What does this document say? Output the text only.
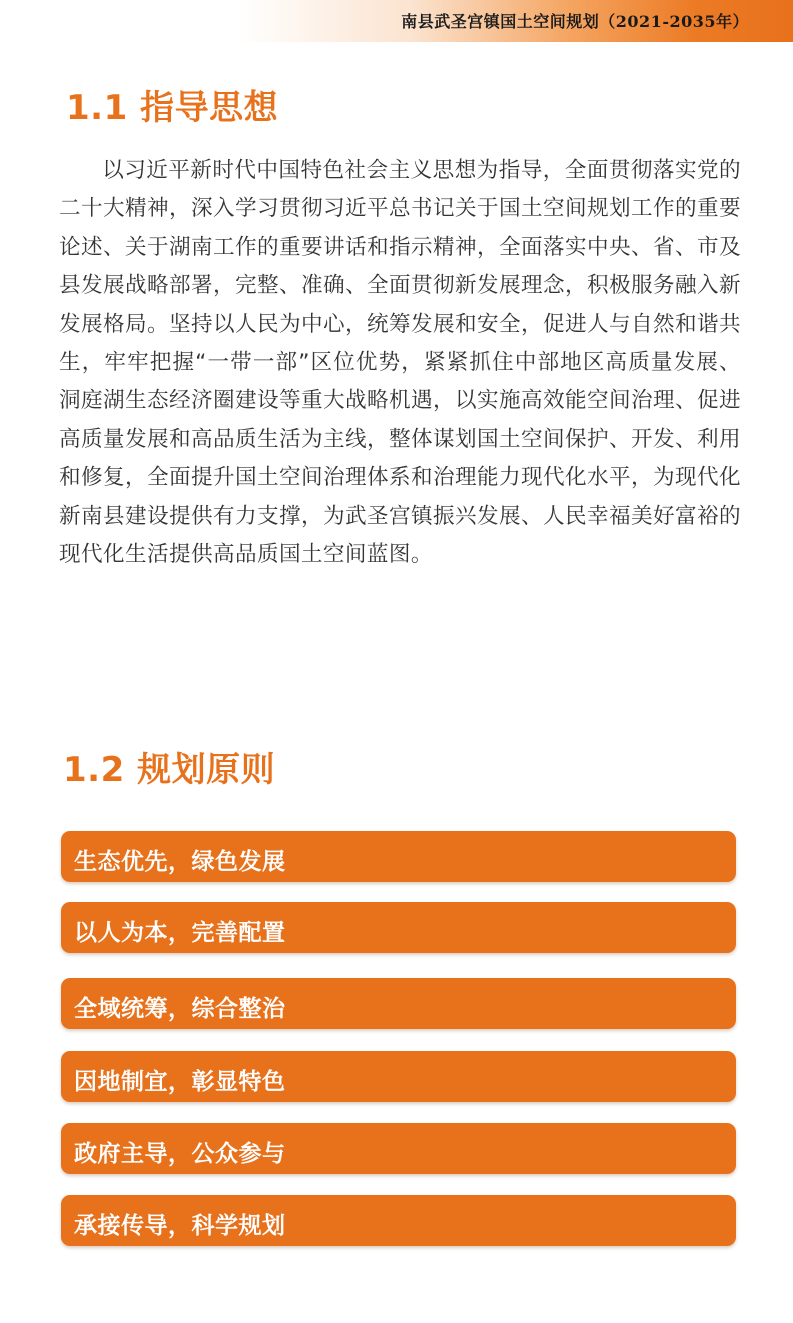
南县武圣宫镇国土空间规划（2021-2035年）
1.1 指导思想

以习近平新时代中国特色社会主义思想为指导，全面贯彻落实党的二十大精神，深入学习贯彻习近平总书记关于国土空间规划工作的重要论述、关于湖南工作的重要讲话和指示精神，全面落实中央、省、市及县发展战略部署，完整、准确、全面贯彻新发展理念，积极服务融入新发展格局。坚持以人民为中心，统筹发展和安全，促进人与自然和谐共生，牢牢把握“一带一部”区位优势，紧紧抓住中部地区高质量发展、洞庭湖生态经济圈建设等重大战略机遇，以实施高效能空间治理、促进高质量发展和高品质生活为主线，整体谋划国土空间保护、开发、利用和修复，全面提升国土空间治理体系和治理能力现代化水平，为现代化新南县建设提供有力支撑，为武圣宫镇振兴发展、人民幸福美好富裕的现代化生活提供高品质国土空间蓝图。

1.2 规划原则
生态优先，绿色发展
以人为本，完善配置
全域统筹，综合整治
因地制宜，彰显特色
政府主导，公众参与
承接传导，科学规划
